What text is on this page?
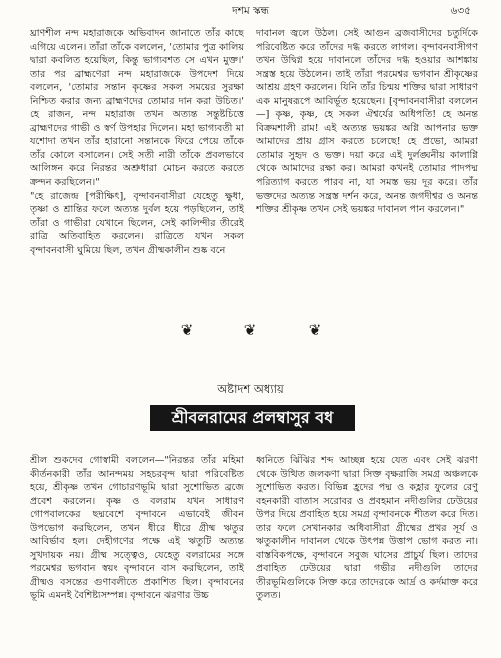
দশম স্কন্ধ	৬৩৫
ঘ্রাণশীল নন্দ মহারাজকে অভিবাদন জানাতে তাঁর কাছে এগিয়ে এলেন। তাঁরা তাঁকে বললেন, 'তোমার পুত্র কালিয় দ্বারা কবলিত হয়েছিল, কিন্তু ভাগ্যবশত সে এখন মুক্ত।' তার পর ব্রাহ্মণেরা নন্দ মহারাজকে উপদেশ দিয়ে বললেন, 'তোমার সন্তান কৃষ্ণের সকল সময়ের সুরক্ষা নিশ্চিত করার জন্য ব্রাহ্মণদের তোমার দান করা উচিত।' হে রাজন, নন্দ মহারাজ তখন অত্যন্ত সন্তুষ্টচিত্তে ব্রাহ্মণদের গাভী ও স্বর্ণ উপহার দিলেন। মহা ভাগ্যবতী মা যশোদা তখন তাঁর হারানো সন্তানকে ফিরে পেয়ে তাঁকে তাঁর কোলে বসালেন। সেই সতী নারী তাঁকে প্রবলভাবে আলিঙ্গন করে নিরন্তর অশ্রুধারা মোচন করতে করতে ক্রন্দন করছিলেন।"
"হে রাজেন্দ্র [পরীক্ষিৎ], বৃন্দাবনবাসীরা যেহেতু ক্ষুধা, তৃষ্ণা ও শ্রান্তির ফলে অত্যন্ত দুর্বল হয়ে পড়ছিলেন, তাই তাঁরা ও গাভীরা যেখানে ছিলেন, সেই কালিন্দীর তীরেই রাত্রি অতিবাহিত করলেন। রাত্রিতে যখন সকল বৃন্দাবনবাসী ঘুমিয়ে ছিল, তখন গ্রীষ্মকালীন শুষ্ক বনে
দাবানল জ্বলে উঠল। সেই আগুন ব্রজবাসীদের চতুর্দিকে পরিবেষ্টিত করে তাঁদের দগ্ধ করতে লাগল। বৃন্দাবনবাসীগণ তখন উদ্বিগ্ন হয়ে দাবানলে তাঁদের দগ্ধ হওয়ার আশঙ্কায় সন্ত্রস্ত হয়ে উঠলেন। তাই তাঁরা পরমেশ্বর ভগবান শ্রীকৃষ্ণের আশ্রয় গ্রহণ করলেন। যিনি তাঁর চিন্ময় শক্তির দ্বারা সাধারণ এক মানুষরূপে আবির্ভূত হয়েছেন। [বৃন্দাবনবাসীরা বললেন—] কৃষ্ণ, কৃষ্ণ, হে সকল ঐশ্বর্যের অধিপতি! হে অনন্ত বিক্রমশালী রাম! এই অত্যন্ত ভয়ঙ্কর অগ্নি আপনার ভক্ত আমাদের প্রায় গ্রাস করতে চলেছে! হে প্রভো, আমরা তোমার সুহৃদ ও ভক্ত। দয়া করে এই দুর্লঙ্ঘনীয় কালাগ্নি থেকে আমাদের রক্ষা কর। আমরা কখনই তোমার পাদপদ্ম পরিত্যাগ করতে পারব না, যা সমস্ত ভয় দূর করে। তাঁর ভক্তদের অত্যন্ত সন্ত্রস্ত দর্শন করে, অনন্ত জগদীশ্বর ও অনন্ত শক্তির শ্রীকৃষ্ণ তখন সেই ভয়ঙ্কর দাবানল পান করলেন।"
❦	❦	❦
অষ্টাদশ অধ্যায়
শ্রীবলরামের প্রলম্বাসুর বধ
শ্রীল শুকদেব গোস্বামী বললেন—"নিরন্তর তাঁর মহিমা কীর্তনকারী তাঁর আনন্দময় সহচরবৃন্দ দ্বারা পরিবেষ্টিত হয়ে, শ্রীকৃষ্ণ তখন গোচারণভূমি দ্বারা সুশোভিত ব্রজে প্রবেশ করলেন। কৃষ্ণ ও বলরাম যখন সাধারণ গোপবালকের ছদ্মবেশে বৃন্দাবনে এভাবেই জীবন উপভোগ করছিলেন, তখন ধীরে ধীরে গ্রীষ্ম ঋতুর আবির্ভাব হল। দেহীগণের পক্ষে এই ঋতুটি অত্যন্ত সুখদায়ক নয়। গ্রীষ্ম সত্ত্বেও, যেহেতু বলরামের সঙ্গে পরমেশ্বর ভগবান স্বয়ং বৃন্দাবনে বাস করছিলেন, তাই গ্রীষ্মও বসন্তের গুণাবলীতে প্রকাশিত ছিল। বৃন্দাবনের ভূমি এমনই বৈশিষ্ট্যসম্পন্ন। বৃন্দাবনে ঝরণার উচ্চ
ধ্বনিতে ঝিঁঝির শব্দ আচ্ছন্ন হয়ে যেত এবং সেই ঝরণা থেকে উত্থিত জলকণা দ্বারা সিক্ত বৃক্ষরাজি সমগ্র অঞ্চলকে সুশোভিত করত। বিভিন্ন হ্রদের পদ্ম ও কহ্লার ফুলের রেণু বহনকারী বাতাস সরোবর ও প্রবহমান নদীগুলির ঢেউয়ের উপর দিয়ে প্রবাহিত হয়ে সমগ্র বৃন্দাবনকে শীতল করে দিত। তার ফলে সেখানকার অধিবাসীরা গ্রীষ্মের প্রখর সূর্য ও ঋতুকালীন দাবানল থেকে উৎপন্ন উত্তাপ ভোগ করত না। বাস্তবিকপক্ষে, বৃন্দাবনে সবুজ ঘাসের প্রাচুর্য ছিল। তাদের প্রবাহিত ঢেউয়ের দ্বারা গভীর নদীগুলি তাদের তীরভূমিগুলিকে সিক্ত করে তাদেরকে আর্দ্র ও কর্দমাক্ত করে তুলত।
